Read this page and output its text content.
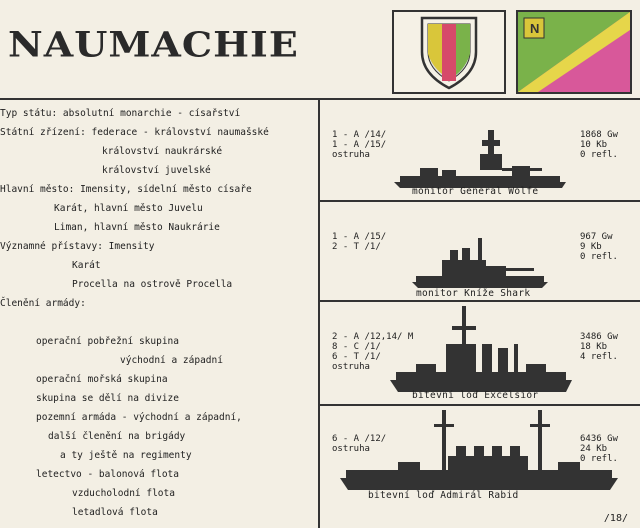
NAUMACHIE	N
Typ státu: absolutní monarchie - císařství
Státní zřízení: federace - království naumašské
království naukrárské
království juvelské
Hlavní město: Imensity, sídelní město císaře
Karát, hlavní město Juvelu
Liman, hlavní město Naukrárie
Významné přístavy: Imensity
Karát
Procella na ostrově Procella
Členění armády:
operační pobřežní skupina
východní a západní
operační mořská skupina
skupina se dělí na divize
pozemní armáda - východní a západní,
další členění na brigády
a ty ještě na regimenty
letectvo - balonová flota
vzducholodní flota
letadlová flota

1 - A /14/
1 - A /15/
ostruha

1868 Gw
10 Kb
0 refl.

monitor General Wolfe

1 - A /15/
2 - T /1/

967 Gw
9 Kb
0 refl.

monitor Kníže Shark

2 - A /12,14/ M
8 - C /1/
6 - T /1/
ostruha

3486 Gw
18 Kb
4 refl.

bitevní loď Excelsior

6 - A /12/
ostruha

6436 Gw
24 Kb
0 refl.

bitevní loď Admirál Rabid
/18/
